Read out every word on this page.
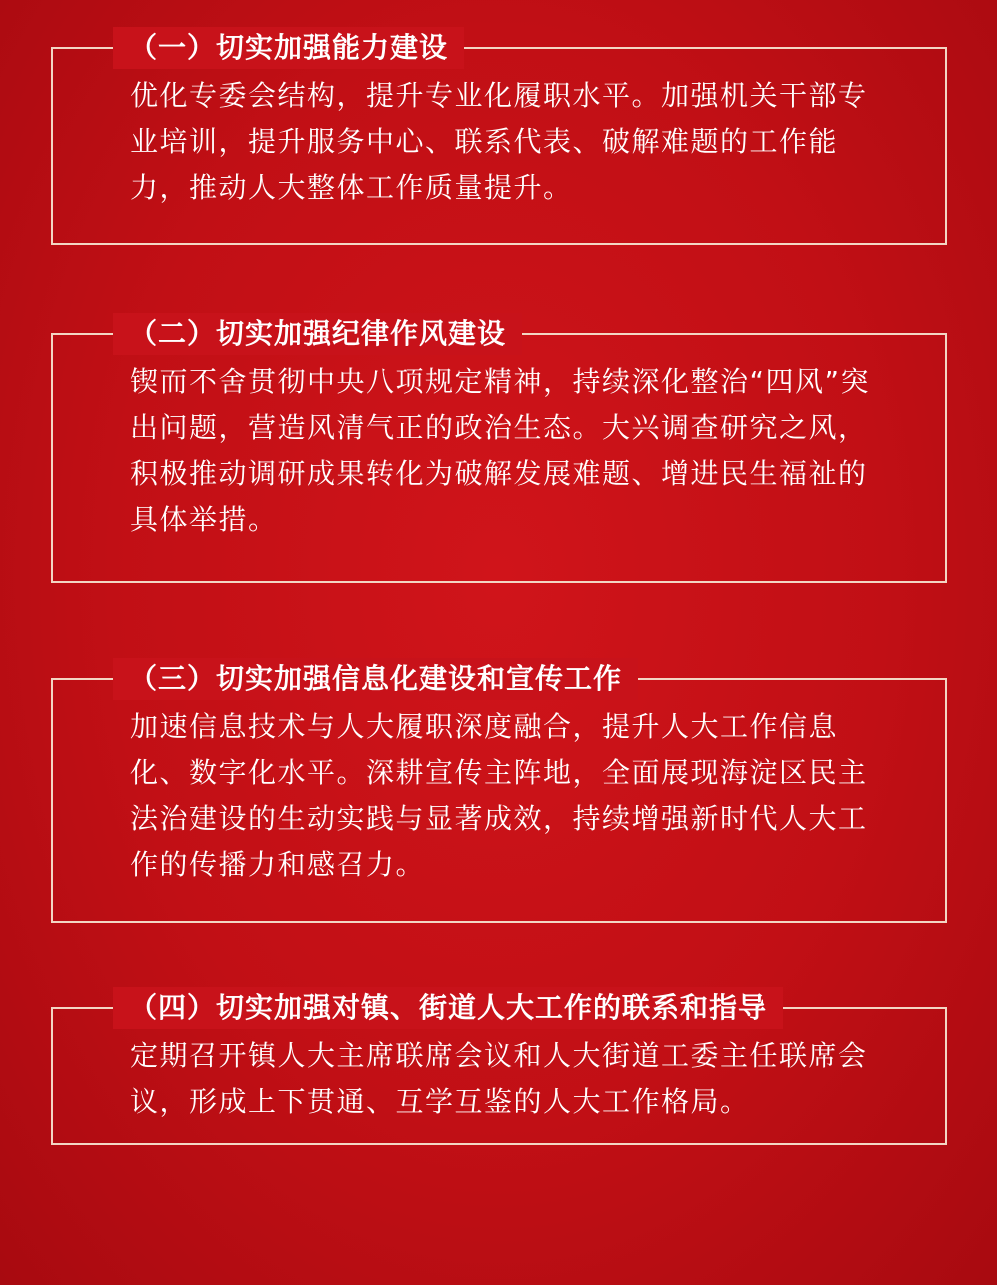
（一）切实加强能力建设

优化专委会结构，提升专业化履职水平。加强机关干部专业培训，提升服务中心、联系代表、破解难题的工作能力，推动人大整体工作质量提升。

（二）切实加强纪律作风建设

锲而不舍贯彻中央八项规定精神，持续深化整治“四风”突出问题，营造风清气正的政治生态。大兴调查研究之风，积极推动调研成果转化为破解发展难题、增进民生福祉的具体举措。

（三）切实加强信息化建设和宣传工作

加速信息技术与人大履职深度融合，提升人大工作信息化、数字化水平。深耕宣传主阵地，全面展现海淀区民主法治建设的生动实践与显著成效，持续增强新时代人大工作的传播力和感召力。

（四）切实加强对镇、街道人大工作的联系和指导

定期召开镇人大主席联席会议和人大街道工委主任联席会议，形成上下贯通、互学互鉴的人大工作格局。
